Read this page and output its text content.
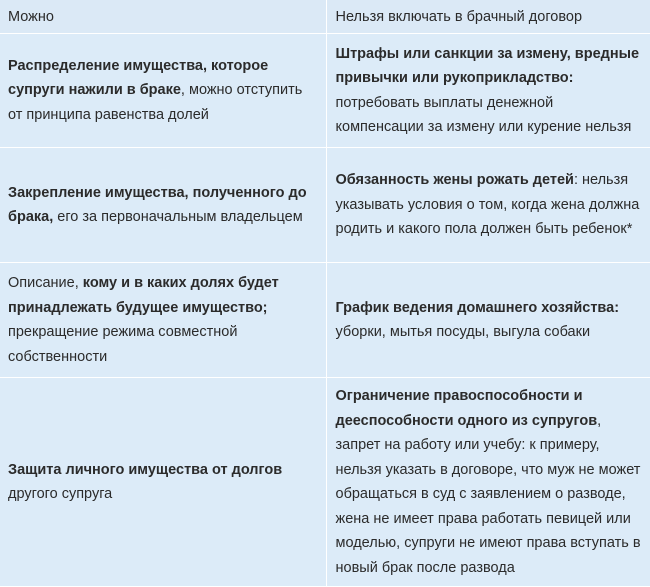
Можно	Нельзя включать в брачный договор

Распределение имущества, которое супруги нажили в браке, можно отступить от принципа равенства долей	Штрафы или санкции за измену, вредные привычки или рукоприкладство: потребовать выплаты денежной компенсации за измену или курение нельзя

Закрепление имущества, полученного до брака, его за первоначальным владельцем	Обязанность жены рожать детей: нельзя указывать условия о том, когда жена должна родить и какого пола должен быть ребенок*

Описание, кому и в каких долях будет принадлежать будущее имущество; прекращение режима совместной собственности	График ведения домашнего хозяйства: уборки, мытья посуды, выгула собаки

Защита личного имущества от долгов другого супруга	Ограничение правоспособности и дееспособности одного из супругов, запрет на работу или учебу: к примеру, нельзя указать в договоре, что муж не может обращаться в суд с заявлением о разводе, жена не имеет права работать певицей или моделью, супруги не имеют права вступать в новый брак после развода
